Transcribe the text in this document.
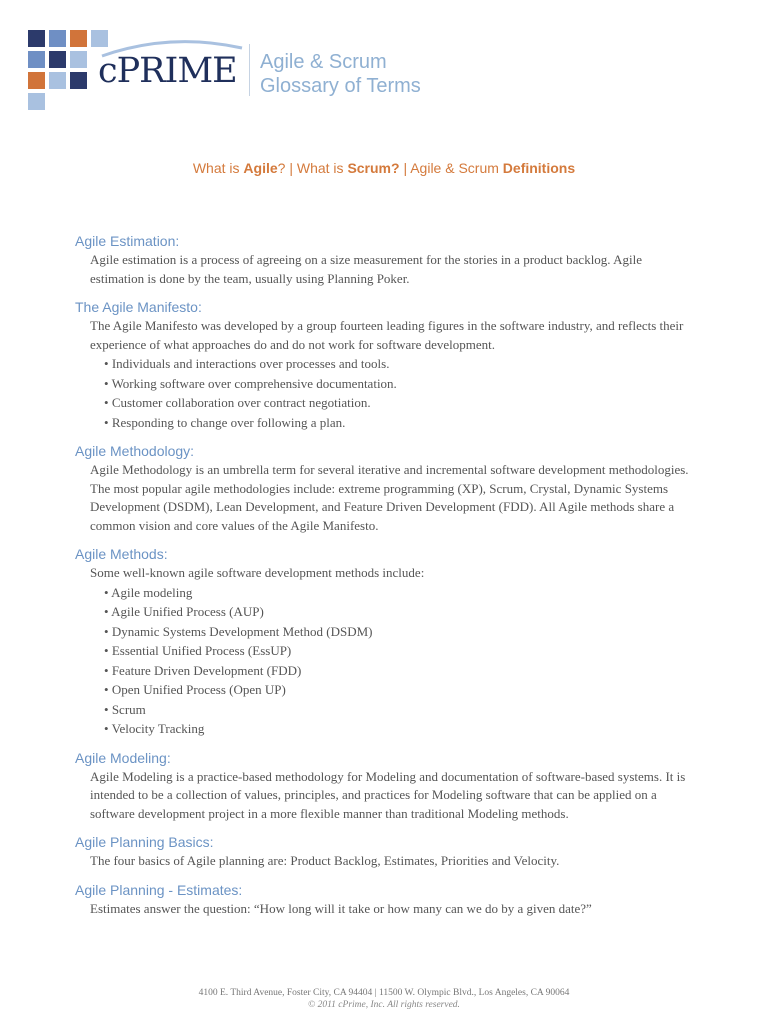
cPRIME Agile & Scrum
Glossary of Terms
What is Agile? | What is Scrum? | Agile & Scrum Definitions
Agile Estimation:

Agile estimation is a process of agreeing on a size measurement for the stories in a product backlog. Agile estimation is done by the team, usually using Planning Poker.

The Agile Manifesto:

The Agile Manifesto was developed by a group fourteen leading figures in the software industry, and reflects their experience of what approaches do and do not work for software development.

• Individuals and interactions over processes and tools.
• Working software over comprehensive documentation.
• Customer collaboration over contract negotiation.
• Responding to change over following a plan.
Agile Methodology:

Agile Methodology is an umbrella term for several iterative and incremental software development methodologies. The most popular agile methodologies include: extreme programming (XP), Scrum, Crystal, Dynamic Systems Development (DSDM), Lean Development, and Feature Driven Development (FDD). All Agile methods share a common vision and core values of the Agile Manifesto.

Agile Methods:

Some well-known agile software development methods include:

• Agile modeling
• Agile Unified Process (AUP)
• Dynamic Systems Development Method (DSDM)
• Essential Unified Process (EssUP)
• Feature Driven Development (FDD)
• Open Unified Process (Open UP)
• Scrum
• Velocity Tracking
Agile Modeling:

Agile Modeling is a practice-based methodology for Modeling and documentation of software-based systems. It is intended to be a collection of values, principles, and practices for Modeling software that can be applied on a software development project in a more flexible manner than traditional Modeling methods.

Agile Planning Basics:

The four basics of Agile planning are: Product Backlog, Estimates, Priorities and Velocity.

Agile Planning - Estimates:

Estimates answer the question: “How long will it take or how many can we do by a given date?”

4100 E. Third Avenue, Foster City, CA 94404 | 11500 W. Olympic Blvd., Los Angeles, CA 90064
© 2011 cPrime, Inc. All rights reserved.
